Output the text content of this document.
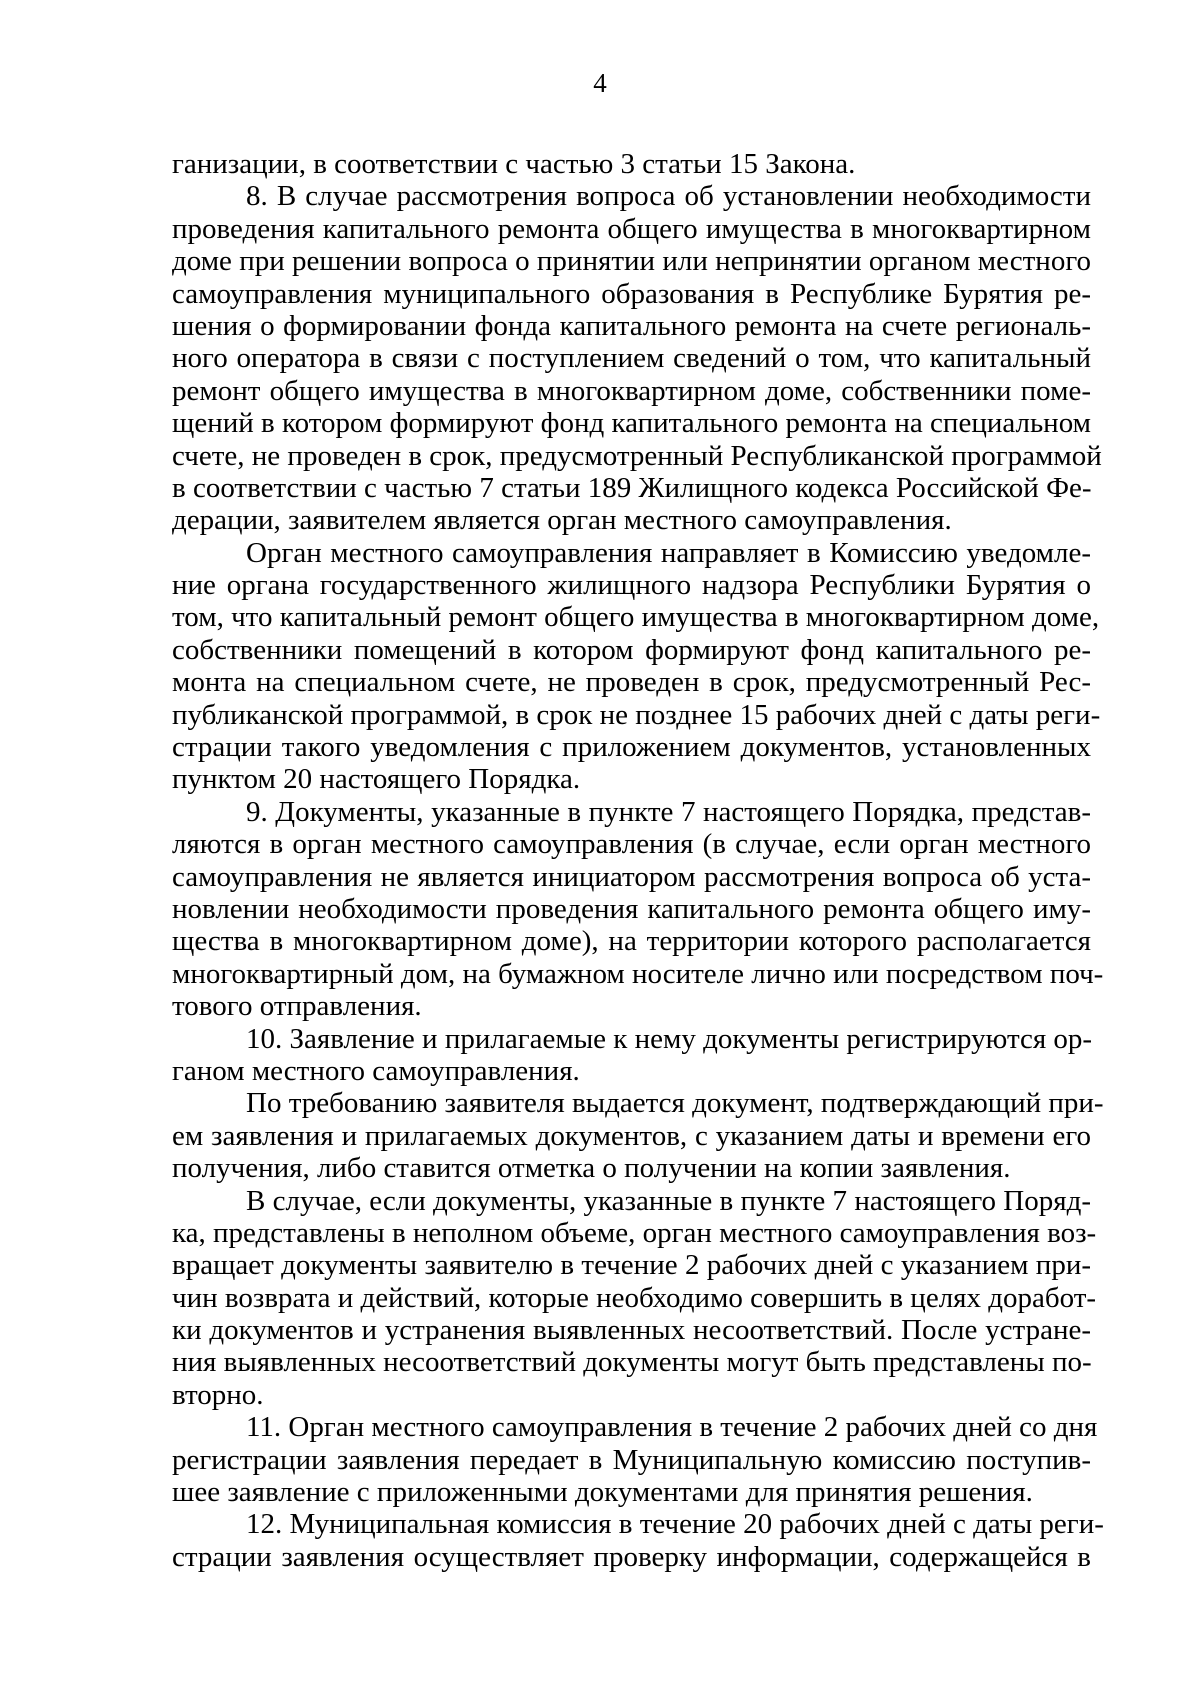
4
ганизации, в соответствии с частью 3 статьи 15 Закона.
8. В случае рассмотрения вопроса об установлении необходимости
проведения капитального ремонта общего имущества в многоквартирном
доме при решении вопроса о принятии или непринятии органом местного
самоуправления муниципального образования в Республике Бурятия ре-
шения о формировании фонда капитального ремонта на счете региональ-
ного оператора в связи с поступлением сведений о том, что капитальный
ремонт общего имущества в многоквартирном доме, собственники поме-
щений в котором формируют фонд капитального ремонта на специальном
счете, не проведен в срок, предусмотренный Республиканской программой
в соответствии с частью 7 статьи 189 Жилищного кодекса Российской Фе-
дерации, заявителем является орган местного самоуправления.
Орган местного самоуправления направляет в Комиссию уведомле-
ние органа государственного жилищного надзора Республики Бурятия о
том, что капитальный ремонт общего имущества в многоквартирном доме,
собственники помещений в котором формируют фонд капитального ре-
монта на специальном счете, не проведен в срок, предусмотренный Рес-
публиканской программой, в срок не позднее 15 рабочих дней с даты реги-
страции такого уведомления с приложением документов, установленных
пунктом 20 настоящего Порядка.
9. Документы, указанные в пункте 7 настоящего Порядка, представ-
ляются в орган местного самоуправления (в случае, если орган местного
самоуправления не является инициатором рассмотрения вопроса об уста-
новлении необходимости проведения капитального ремонта общего иму-
щества в многоквартирном доме), на территории которого располагается
многоквартирный дом, на бумажном носителе лично или посредством поч-
тового отправления.
10. Заявление и прилагаемые к нему документы регистрируются ор-
ганом местного самоуправления.
По требованию заявителя выдается документ, подтверждающий при-
ем заявления и прилагаемых документов, с указанием даты и времени его
получения, либо ставится отметка о получении на копии заявления.
В случае, если документы, указанные в пункте 7 настоящего Поряд-
ка, представлены в неполном объеме, орган местного самоуправления воз-
вращает документы заявителю в течение 2 рабочих дней с указанием при-
чин возврата и действий, которые необходимо совершить в целях доработ-
ки документов и устранения выявленных несоответствий. После устране-
ния выявленных несоответствий документы могут быть представлены по-
вторно.
11. Орган местного самоуправления в течение 2 рабочих дней со дня
регистрации заявления передает в Муниципальную комиссию поступив-
шее заявление с приложенными документами для принятия решения.
12. Муниципальная комиссия в течение 20 рабочих дней с даты реги-
страции заявления осуществляет проверку информации, содержащейся в
